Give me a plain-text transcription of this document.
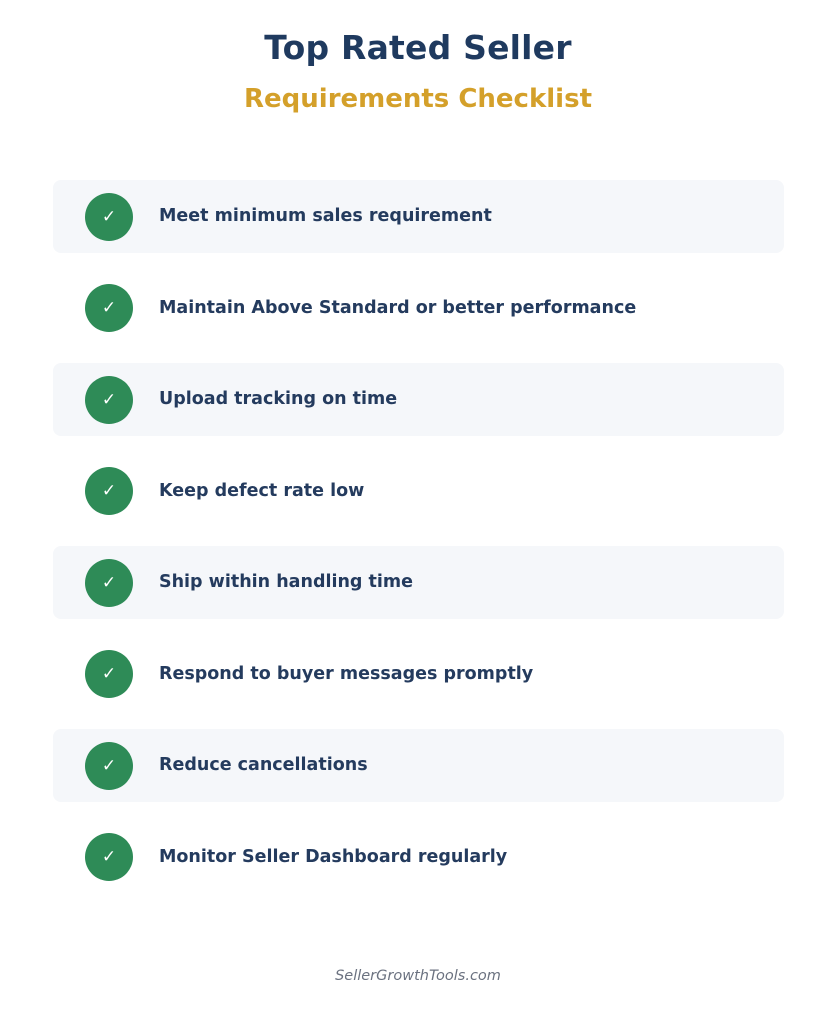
Top Rated Seller
Requirements Checklist
✓	Meet minimum sales requirement
✓	Maintain Above Standard or better performance
✓	Upload tracking on time
✓	Keep defect rate low
✓	Ship within handling time
✓	Respond to buyer messages promptly
✓	Reduce cancellations
✓	Monitor Seller Dashboard regularly
SellerGrowthTools.com
